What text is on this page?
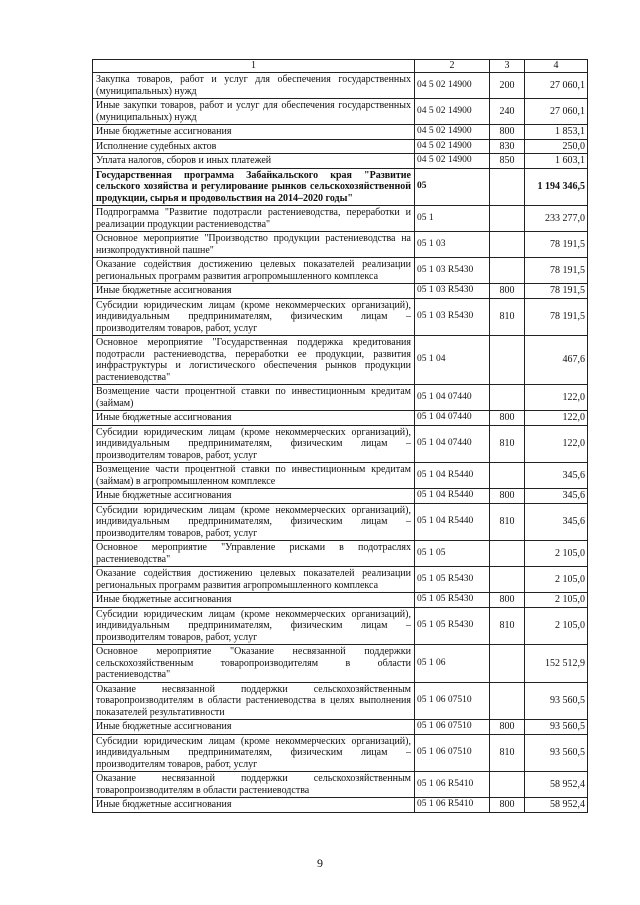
1	2	3	4
Закупка товаров, работ и услуг для обеспечения государственных (муниципальных) нужд	04 5 02 14900	200	27 060,1
Иные закупки товаров, работ и услуг для обеспечения государственных (муниципальных) нужд	04 5 02 14900	240	27 060,1
Иные бюджетные ассигнования	04 5 02 14900	800	1 853,1
Исполнение судебных актов	04 5 02 14900	830	250,0
Уплата налогов, сборов и иных платежей	04 5 02 14900	850	1 603,1
Государственная программа Забайкальского края "Развитие сельского хозяйства и регулирование рынков сельскохозяйственной продукции, сырья и продовольствия на 2014–2020 годы"	05		1 194 346,5
Подпрограмма "Развитие подотрасли растениеводства, переработки и реализации продукции растениеводства"	05 1		233 277,0
Основное мероприятие "Производство продукции растениеводства на низкопродуктивной пашне"	05 1 03		78 191,5
Оказание содействия достижению целевых показателей реализации региональных программ развития агропромышленного комплекса	05 1 03 R5430		78 191,5
Иные бюджетные ассигнования	05 1 03 R5430	800	78 191,5
Субсидии юридическим лицам (кроме некоммерческих организаций), индивидуальным предпринимателям, физическим лицам – производителям товаров, работ, услуг	05 1 03 R5430	810	78 191,5
Основное мероприятие "Государственная поддержка кредитования подотрасли растениеводства, переработки ее продукции, развития инфраструктуры и логистического обеспечения рынков продукции растениеводства"	05 1 04		467,6
Возмещение части процентной ставки по инвестиционным кредитам (займам)	05 1 04 07440		122,0
Иные бюджетные ассигнования	05 1 04 07440	800	122,0
Субсидии юридическим лицам (кроме некоммерческих организаций), индивидуальным предпринимателям, физическим лицам – производителям товаров, работ, услуг	05 1 04 07440	810	122,0
Возмещение части процентной ставки по инвестиционным кредитам (займам) в агропромышленном комплексе	05 1 04 R5440		345,6
Иные бюджетные ассигнования	05 1 04 R5440	800	345,6
Субсидии юридическим лицам (кроме некоммерческих организаций), индивидуальным предпринимателям, физическим лицам – производителям товаров, работ, услуг	05 1 04 R5440	810	345,6
Основное мероприятие "Управление рисками в подотраслях растениеводства"	05 1 05		2 105,0
Оказание содействия достижению целевых показателей реализации региональных программ развития агропромышленного комплекса	05 1 05 R5430		2 105,0
Иные бюджетные ассигнования	05 1 05 R5430	800	2 105,0
Субсидии юридическим лицам (кроме некоммерческих организаций), индивидуальным предпринимателям, физическим лицам – производителям товаров, работ, услуг	05 1 05 R5430	810	2 105,0
Основное мероприятие "Оказание несвязанной поддержки сельскохозяйственным товаропроизводителям в области растениеводства"	05 1 06		152 512,9
Оказание несвязанной поддержки сельскохозяйственным товаропроизводителям в области растениеводства в целях выполнения показателей результативности	05 1 06 07510		93 560,5
Иные бюджетные ассигнования	05 1 06 07510	800	93 560,5
Субсидии юридическим лицам (кроме некоммерческих организаций), индивидуальным предпринимателям, физическим лицам – производителям товаров, работ, услуг	05 1 06 07510	810	93 560,5
Оказание несвязанной поддержки сельскохозяйственным товаропроизводителям в области растениеводства	05 1 06 R5410		58 952,4
Иные бюджетные ассигнования	05 1 06 R5410	800	58 952,4
9
